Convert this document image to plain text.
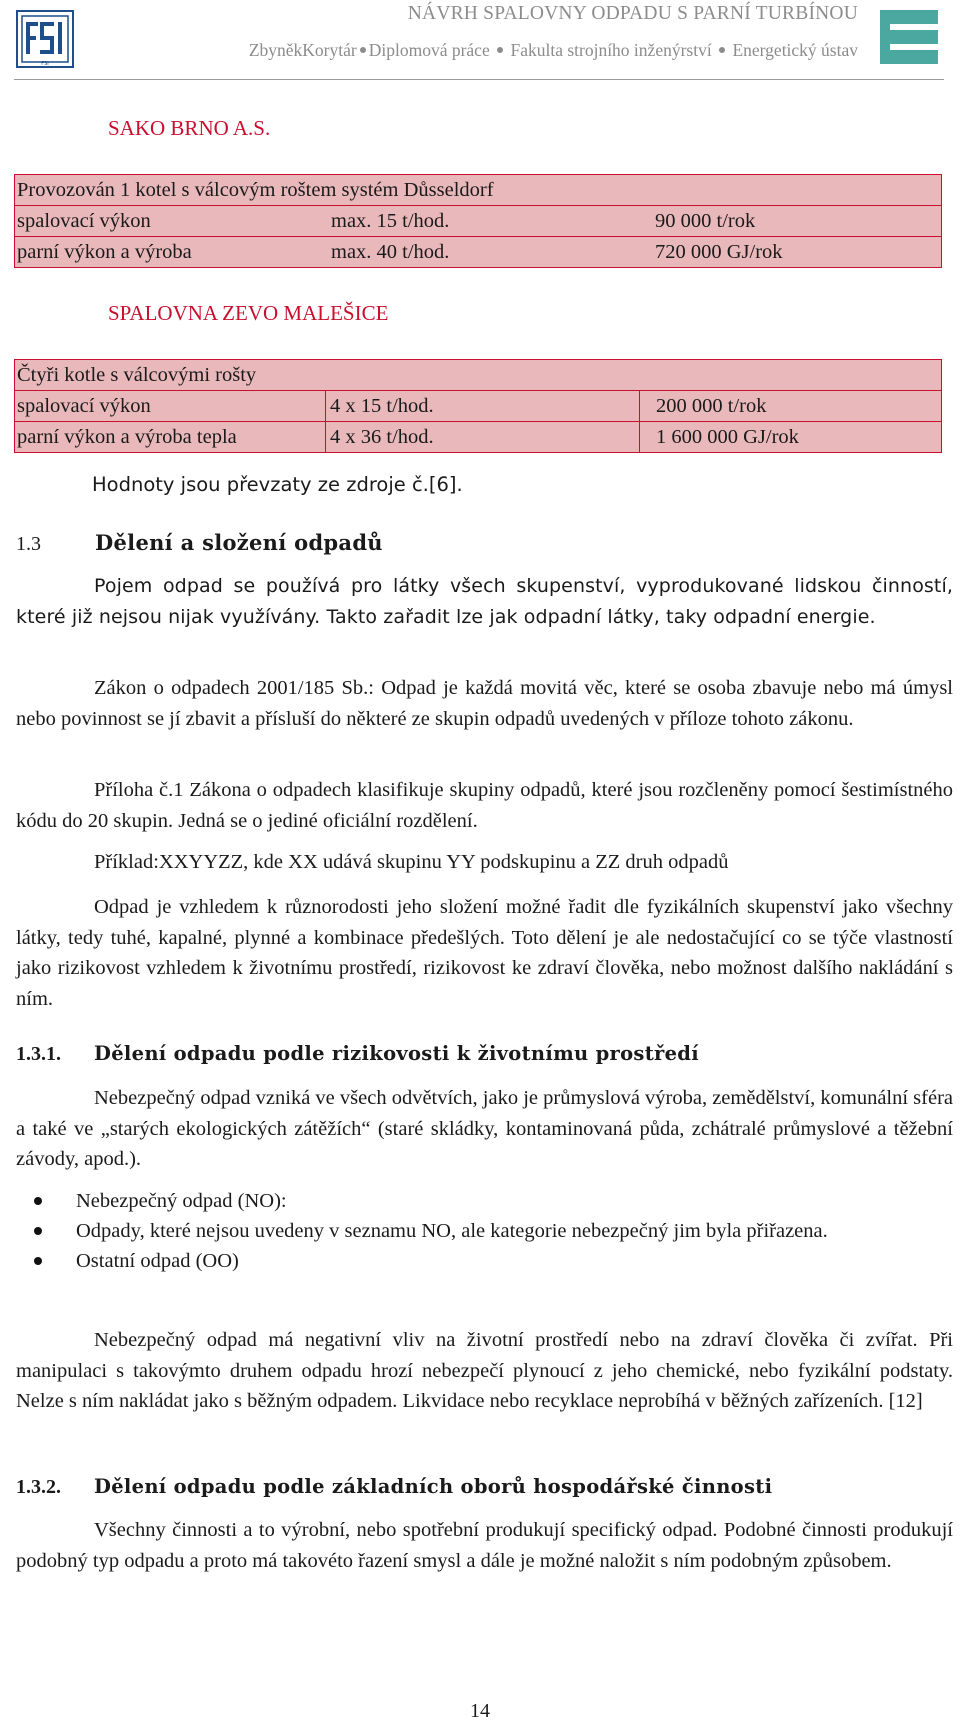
FSI
NÁVRH SPALOVNY ODPADU S PARNÍ TURBÍNOU
ZbyněkKorytár Diplomová práce Fakulta strojního inženýrství Energetický ústav
SAKO BRNO A.S.
Provozován 1 kotel s válcovým roštem systém Důsseldorf
spalovací výkon	max. 15 t/hod.	90 000 t/rok
parní výkon a výroba	max. 40 t/hod.	720 000 GJ/rok
SPALOVNA ZEVO MALEŠICE
Čtyři kotle s válcovými rošty
spalovací výkon	4 x 15 t/hod.	200 000 t/rok
parní výkon a výroba tepla	4 x 36 t/hod.	1 600 000 GJ/rok
Hodnoty jsou převzaty ze zdroje č.[6].
1.3	Dělení a složení odpadů
Pojem odpad se používá pro látky všech skupenství, vyprodukované lidskou činností, které již nejsou nijak využívány. Takto zařadit lze jak odpadní látky, taky odpadní energie.
Zákon o odpadech 2001/185 Sb.: Odpad je každá movitá věc, které se osoba zbavuje nebo má úmysl nebo povinnost se jí zbavit a přísluší do některé ze skupin odpadů uvedených v příloze tohoto zákonu.
Příloha č.1 Zákona o odpadech klasifikuje skupiny odpadů, které jsou rozčleněny pomocí šestimístného kódu do 20 skupin. Jedná se o jediné oficiální rozdělení.
Příklad:XXYYZZ, kde XX udává skupinu YY podskupinu a ZZ druh odpadů
Odpad je vzhledem k různorodosti jeho složení možné řadit dle fyzikálních skupenství jako všechny látky, tedy tuhé, kapalné, plynné a kombinace předešlých. Toto dělení je ale nedostačující co se týče vlastností jako rizikovost vzhledem k životnímu prostředí, rizikovost ke zdraví člověka, nebo možnost dalšího nakládání s ním.
1.3.1. Dělení odpadu podle rizikovosti k životnímu prostředí
Nebezpečný odpad vzniká ve všech odvětvích, jako je průmyslová výroba, zemědělství, komunální sféra a také ve „starých ekologických zátěžích“ (staré skládky, kontaminovaná půda, zchátralé průmyslové a těžební závody, apod.).
Nebezpečný odpad (NO):
Odpady, které nejsou uvedeny v seznamu NO, ale kategorie nebezpečný jim byla přiřazena.
Ostatní odpad (OO)
Nebezpečný odpad má negativní vliv na životní prostředí nebo na zdraví člověka či zvířat. Při manipulaci s takovýmto druhem odpadu hrozí nebezpečí plynoucí z jeho chemické, nebo fyzikální podstaty. Nelze s ním nakládat jako s běžným odpadem. Likvidace nebo recyklace neprobíhá v běžných zařízeních. [12]
1.3.2. Dělení odpadu podle základních oborů hospodářské činnosti
Všechny činnosti a to výrobní, nebo spotřební produkují specifický odpad. Podobné činnosti produkují podobný typ odpadu a proto má takovéto řazení smysl a dále je možné naložit s ním podobným způsobem.
14
